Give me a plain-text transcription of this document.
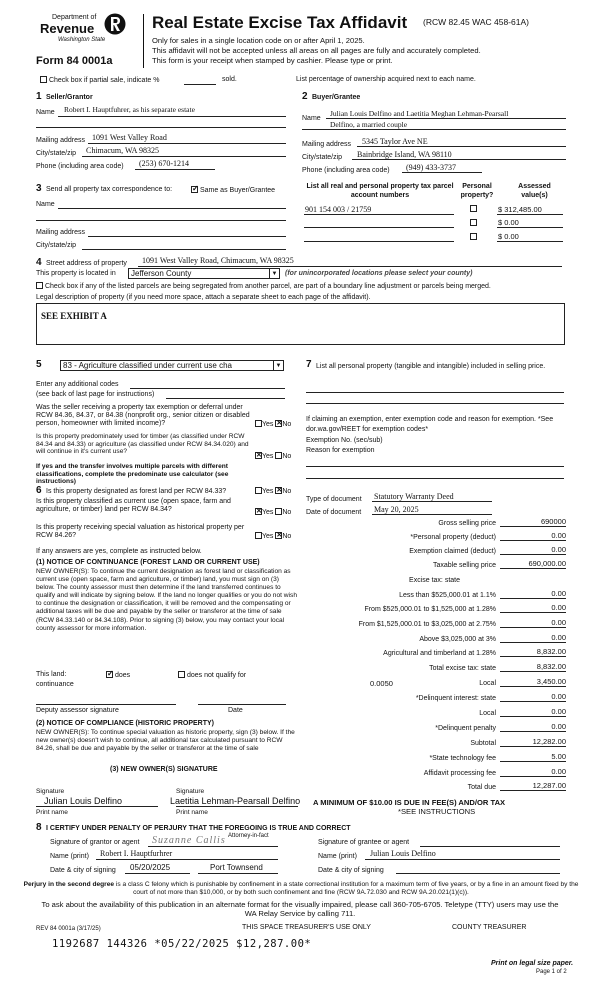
Department of
Revenue
Washington State
Form 84 0001a
Real Estate Excise Tax Affidavit (RCW 82.45 WAC 458-61A)
Only for sales in a single location code on or after April 1, 2025.
This affidavit will not be accepted unless all areas on all pages are fully and accurately completed.
This form is your receipt when stamped by cashier. Please type or print.
Check box if partial sale, indicate %	sold.	List percentage of ownership acquired next to each name.
1 Seller/Grantor
Name Robert I. Hauptfuhrer, as his separate estate
Mailing address 1091 West Valley Road
City/state/zip Chimacum, WA 98325
Phone (including area code) (253) 670-1214
2 Buyer/Grantee
Name
Julian Louis Delfino and Laetitia Meghan Lehman-Pearsall
Delfino, a married couple
Mailing address 5345 Taylor Ave NE
City/state/zip Bainbridge Island, WA 98110
Phone (including area code) (949) 433-3737
3 Send all property tax correspondence to: ✓	Same as Buyer/Grantee
Name
Mailing address
City/state/zip
List all real and personal property tax parcel account numbers
Personal property?
Assessed value(s)
901 154 003 / 21759	$ 312,485.00
$ 0.00
$ 0.00
4 Street address of property 1091 West Valley Road, Chimacum, WA 98325
This property is located in	Jefferson County	▼ (for unincorporated locations please select your county)
Check box if any of the listed parcels are being segregated from another parcel, are part of a boundary line adjustment or parcels being merged.
Legal description of property (if you need more space, attach a separate sheet to each page of the affidavit).
SEE EXHIBIT A
5	83 - Agriculture classified under current use cha	▼
Enter any additional codes
(see back of last page for instructions)
Was the seller receiving a property tax exemption or deferral under RCW 84.36, 84.37, or 84.38 (nonprofit org., senior citizen or disabled person, homeowner with limited income)?	Yes ✕ No
Is this property predominately used for timber (as classified under RCW 84.34 and 84.33) or agriculture (as classified under RCW 84.34.020) and will continue in it's current use?
If yes and the transfer involves multiple parcels with different classifications, complete the predominate use calculator (see instructions)
✕Yes No
6 Is this property designated as forest land per RCW 84.33?	Yes ✕ No
Is this property classified as current use (open space, farm and agriculture, or timber) land per RCW 84.34? ✕	Yes No
Is this property receiving special valuation as historical property per RCW 84.26?	Yes ✕ No
If any answers are yes, complete as instructed below.
(1) NOTICE OF CONTINUANCE (FOREST LAND OR CURRENT USE)
NEW OWNER(S): To continue the current designation as forest land or classification as current use (open space, farm and agriculture, or timber) land, you must sign on (3) below. The county assessor must then determine if the land transferred continues to qualify and will indicate by signing below. If the land no longer qualifies or you do not wish to continue the designation or classification, it will be removed and the compensating or additional taxes will be due and payable by the seller or transferor at the time of sale (RCW 84.33.140 or 84.34.108). Prior to signing (3) below, you may contact your local county assessor for more information.
This land:
continuance
✓ does	does not qualify for
Deputy assessor signature	Date
(2) NOTICE OF COMPLIANCE (HISTORIC PROPERTY)
NEW OWNER(S): To continue special valuation as historic property, sign (3) below. If the new owner(s) doesn't wish to continue, all additional tax calculated pursuant to RCW 84.26, shall be due and payable by the seller or transferor at the time of sale
(3) NEW OWNER(S) SIGNATURE
Signature	Signature
Julian Louis Delfino	Laetitia Lehman-Pearsall Delfino
Print name	Print name
7 List all personal property (tangible and intangible) included in selling price.
If claiming an exemption, enter exemption code and reason for exemption. *See dor.wa.gov/REET for exemption codes*
Exemption No. (sec/sub)
Reason for exemption
Type of document Statutory Warranty Deed
Date of document May 20, 2025
Gross selling price	690000
*Personal property (deduct)	0.00
Exemption claimed (deduct)	0.00
Taxable selling price	690,000.00
Excise tax: state
Less than $525,000.01 at 1.1%	0.00
From $525,000.01 to $1,525,000 at 1.28%	0.00
From $1,525,000.01 to $3,025,000 at 2.75%	0.00
Above $3,025,000 at 3%	0.00
Agricultural and timberland at 1.28%	8,832.00
Total excise tax: state	8,832.00
Local	3,450.00
*Delinquent interest: state	0.00
Local	0.00
*Delinquent penalty	0.00
Subtotal	12,282.00
*State technology fee	5.00
Affidavit processing fee	0.00
Total due	12,287.00
0.0050
A MINIMUM OF $10.00 IS DUE IN FEE(S) AND/OR TAX
*SEE INSTRUCTIONS
8 I CERTIFY UNDER PENALTY OF PERJURY THAT THE FOREGOING IS TRUE AND CORRECT
Signature of grantor or agent Suzanne Callis Attorney-in-fact
Name (print) Robert I. Hauptfurhrer
Date & city of signing 05/20/2025	Port Townsend
Signature of grantee or agent
Name (print) Julian Louis Delfino
Date & city of signing
Perjury in the second degree is a class C felony which is punishable by confinement in a state correctional institution for a maximum term of five years, or by a fine in an amount fixed by the court of not more than $10,000, or by both such confinement and fine (RCW 9A.72.030 and RCW 9A.20.021(1)(c)).
To ask about the availability of this publication in an alternate format for the visually impaired, please call 360-705-6705. Teletype (TTY) users may use the WA Relay Service by calling 711.
REV 84 0001a (3/17/25)	THIS SPACE TREASURER'S USE ONLY	COUNTY TREASURER
1192687 144326 *05/22/2025 $12,287.00*
Print on legal size paper.
Page 1 of 2
